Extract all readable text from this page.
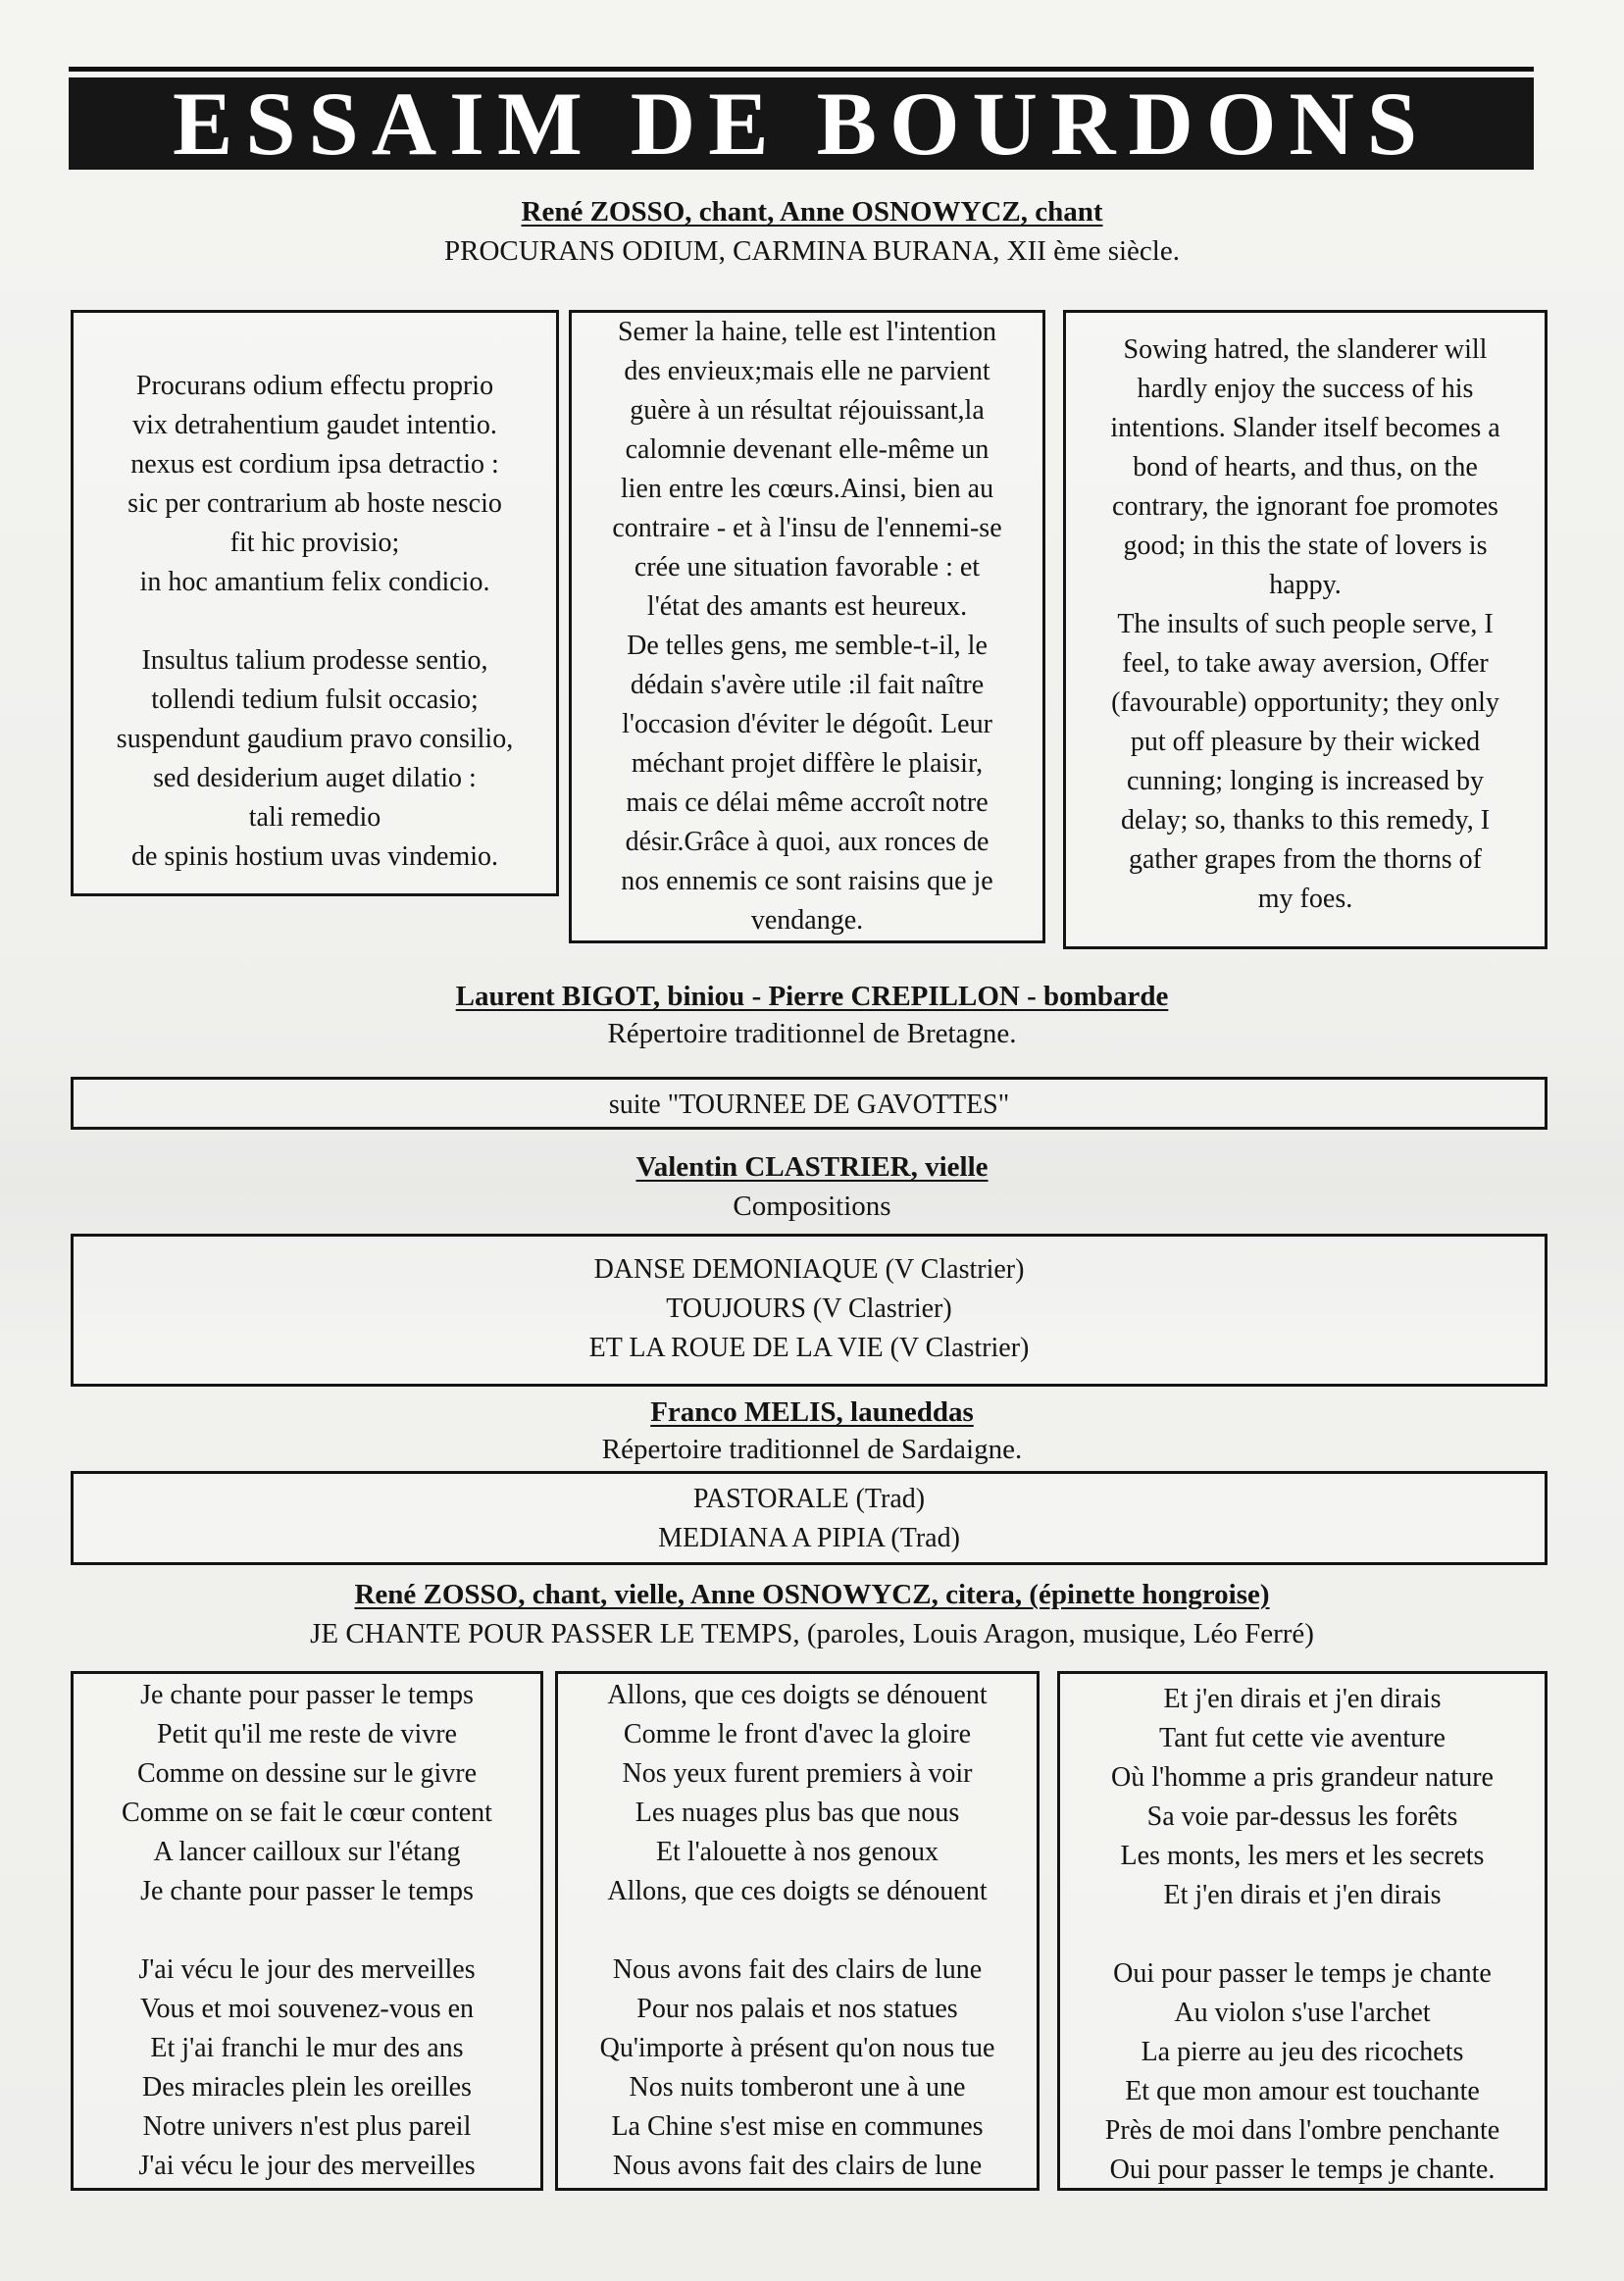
ESSAIM DE BOURDONS
René ZOSSO, chant, Anne OSNOWYCZ, chant
PROCURANS ODIUM, CARMINA BURANA, XII ème siècle.
Procurans odium effectu proprio
vix detrahentium gaudet intentio.
nexus est cordium ipsa detractio :
sic per contrarium ab hoste nescio
fit hic provisio;
in hoc amantium felix condicio.

Insultus talium prodesse sentio,
tollendi tedium fulsit occasio;
suspendunt gaudium pravo consilio,
sed desiderium auget dilatio :
tali remedio
de spinis hostium uvas vindemio.
Semer la haine, telle est l'intention
des envieux;mais elle ne parvient
guère à un résultat réjouissant,la
calomnie devenant elle-même un
lien entre les cœurs.Ainsi, bien au
contraire - et à l'insu de l'ennemi-se
crée une situation favorable : et
l'état des amants est heureux.
De telles gens, me semble-t-il, le
dédain s'avère utile :il fait naître
l'occasion d'éviter le dégoût. Leur
méchant projet diffère le plaisir,
mais ce délai même accroît notre
désir.Grâce à quoi, aux ronces de
nos ennemis ce sont raisins que je
vendange.
Sowing hatred, the slanderer will
hardly enjoy the success of his
intentions. Slander itself becomes a
bond of hearts, and thus, on the
contrary, the ignorant foe promotes
good; in this the state of lovers is
happy.
The insults of such people serve, I
feel, to take away aversion, Offer
(favourable) opportunity; they only
put off pleasure by their wicked
cunning; longing is increased by
delay; so, thanks to this remedy, I
gather grapes from the thorns of
my foes.
Laurent BIGOT, biniou - Pierre CREPILLON - bombarde
Répertoire traditionnel de Bretagne.
suite "TOURNEE DE GAVOTTES"
Valentin CLASTRIER, vielle
Compositions
DANSE DEMONIAQUE (V Clastrier)
TOUJOURS (V Clastrier)
ET LA ROUE DE LA VIE (V Clastrier)
Franco MELIS, launeddas
Répertoire traditionnel de Sardaigne.
PASTORALE (Trad)
MEDIANA A PIPIA (Trad)
René ZOSSO, chant, vielle, Anne OSNOWYCZ, citera, (épinette hongroise)
JE CHANTE POUR PASSER LE TEMPS, (paroles, Louis Aragon, musique, Léo Ferré)
Je chante pour passer le temps
Petit qu'il me reste de vivre
Comme on dessine sur le givre
Comme on se fait le cœur content
A lancer cailloux sur l'étang
Je chante pour passer le temps
J'ai vécu le jour des merveilles
Vous et moi souvenez-vous en
Et j'ai franchi le mur des ans
Des miracles plein les oreilles
Notre univers n'est plus pareil
J'ai vécu le jour des merveilles
Allons, que ces doigts se dénouent
Comme le front d'avec la gloire
Nos yeux furent premiers à voir
Les nuages plus bas que nous
Et l'alouette à nos genoux
Allons, que ces doigts se dénouent
Nous avons fait des clairs de lune
Pour nos palais et nos statues
Qu'importe à présent qu'on nous tue
Nos nuits tomberont une à une
La Chine s'est mise en communes
Nous avons fait des clairs de lune
Et j'en dirais et j'en dirais
Tant fut cette vie aventure
Où l'homme a pris grandeur nature
Sa voie par-dessus les forêts
Les monts, les mers et les secrets
Et j'en dirais et j'en dirais
Oui pour passer le temps je chante
Au violon s'use l'archet
La pierre au jeu des ricochets
Et que mon amour est touchante
Près de moi dans l'ombre penchante
Oui pour passer le temps je chante.
